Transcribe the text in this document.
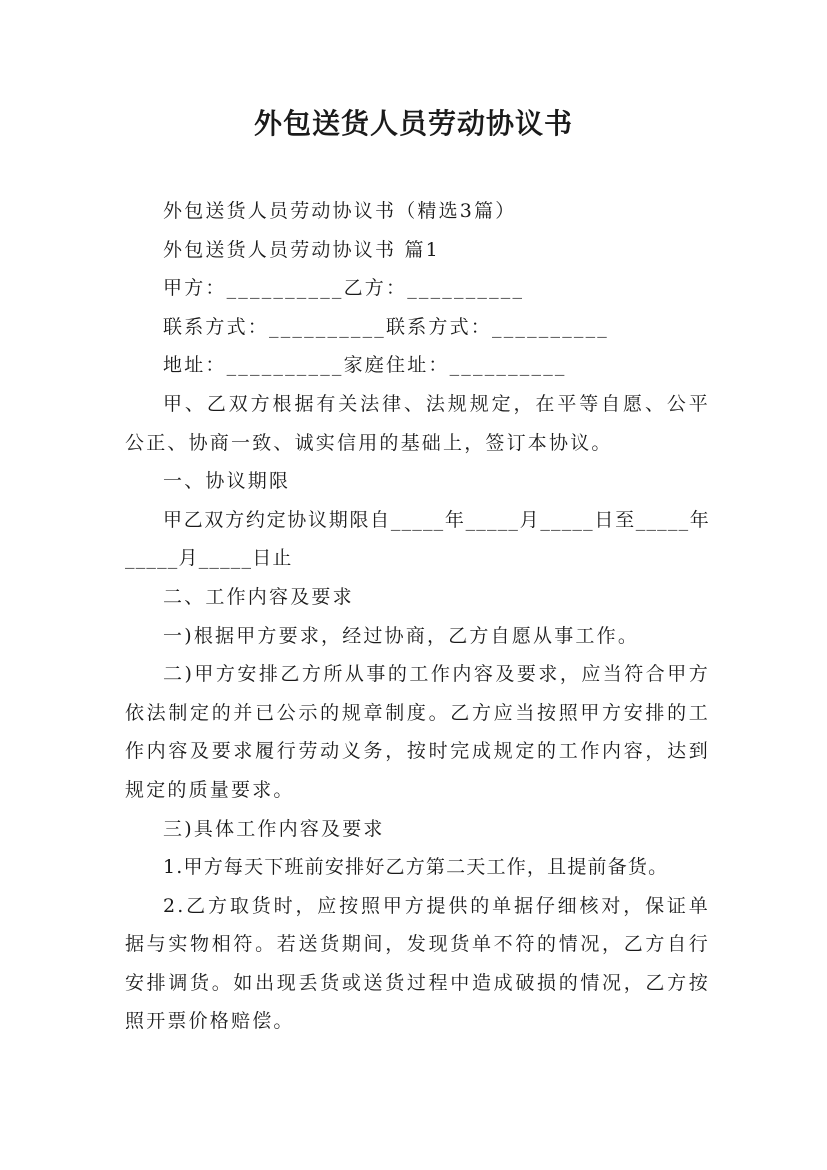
外包送货人员劳动协议书

外包送货人员劳动协议书（精选3篇）

外包送货人员劳动协议书 篇1

甲方：__________乙方：__________

联系方式：__________联系方式：__________

地址：__________家庭住址：__________

甲、乙双方根据有关法律、法规规定，在平等自愿、公平公正、协商一致、诚实信用的基础上，签订本协议。

一、协议期限

甲乙双方约定协议期限自_____年_____月_____日至_____年_____月_____日止

二、工作内容及要求

一)根据甲方要求，经过协商，乙方自愿从事工作。

二)甲方安排乙方所从事的工作内容及要求，应当符合甲方依法制定的并已公示的规章制度。乙方应当按照甲方安排的工作内容及要求履行劳动义务，按时完成规定的工作内容，达到规定的质量要求。

三)具体工作内容及要求

1.甲方每天下班前安排好乙方第二天工作，且提前备货。

2.乙方取货时，应按照甲方提供的单据仔细核对，保证单据与实物相符。若送货期间，发现货单不符的情况，乙方自行安排调货。如出现丢货或送货过程中造成破损的情况，乙方按照开票价格赔偿。
